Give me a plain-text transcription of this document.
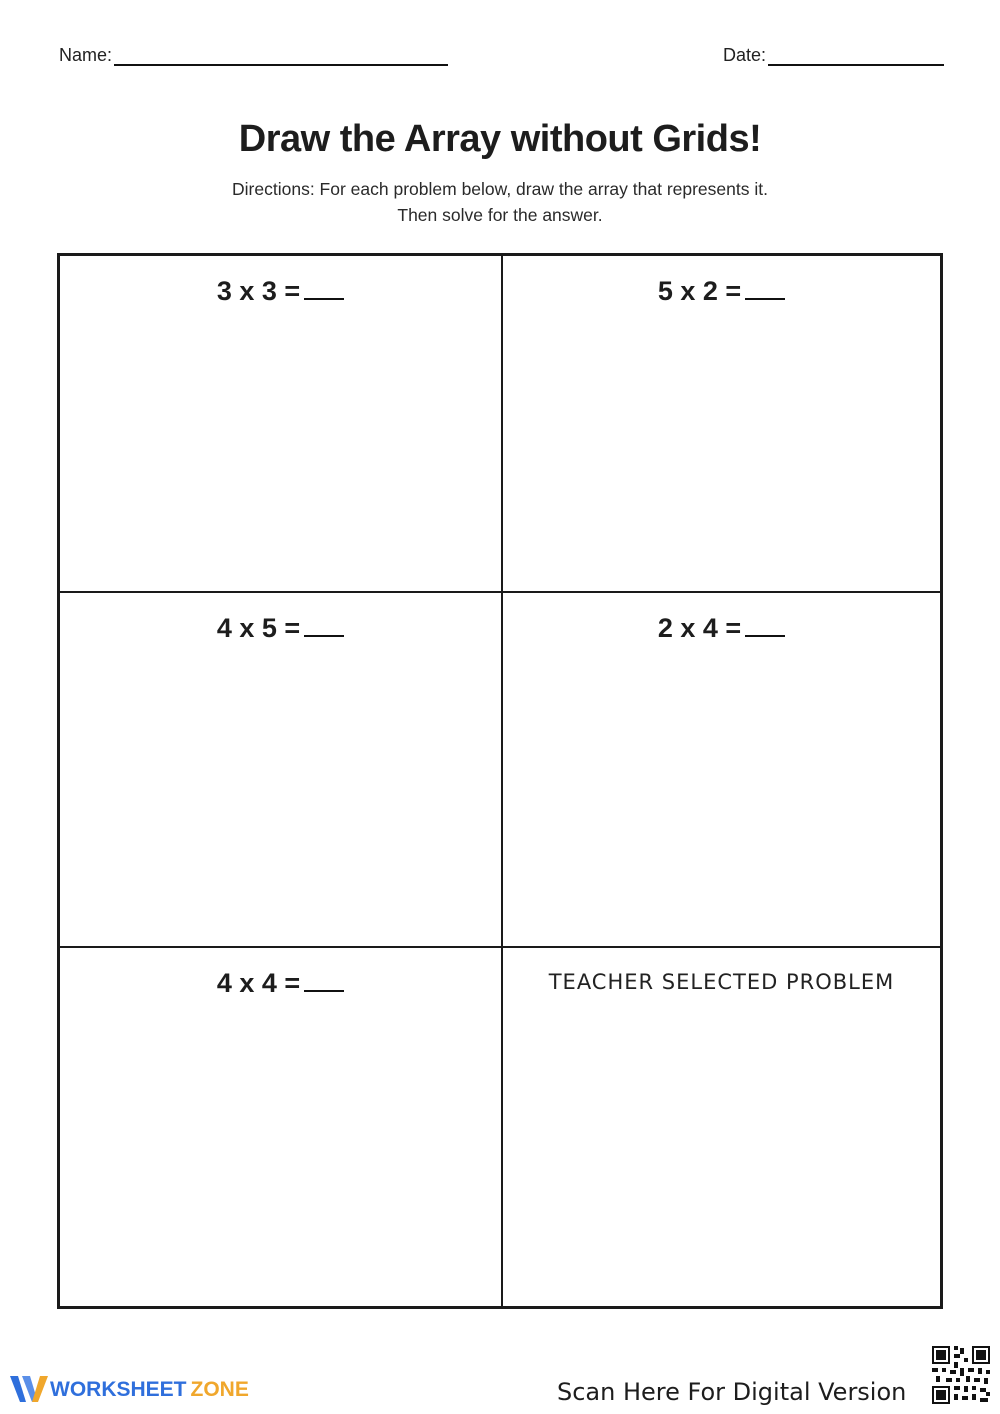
Name:	Date:
Draw the Array without Grids!
Directions: For each problem below, draw the array that represents it.
Then solve for the answer.
3 x 3 =	5 x 2 =
4 x 5 =	2 x 4 =
4 x 4 =	TEACHER SELECTED PROBLEM
WORKSHEET ZONE	Scan Here For Digital Version
